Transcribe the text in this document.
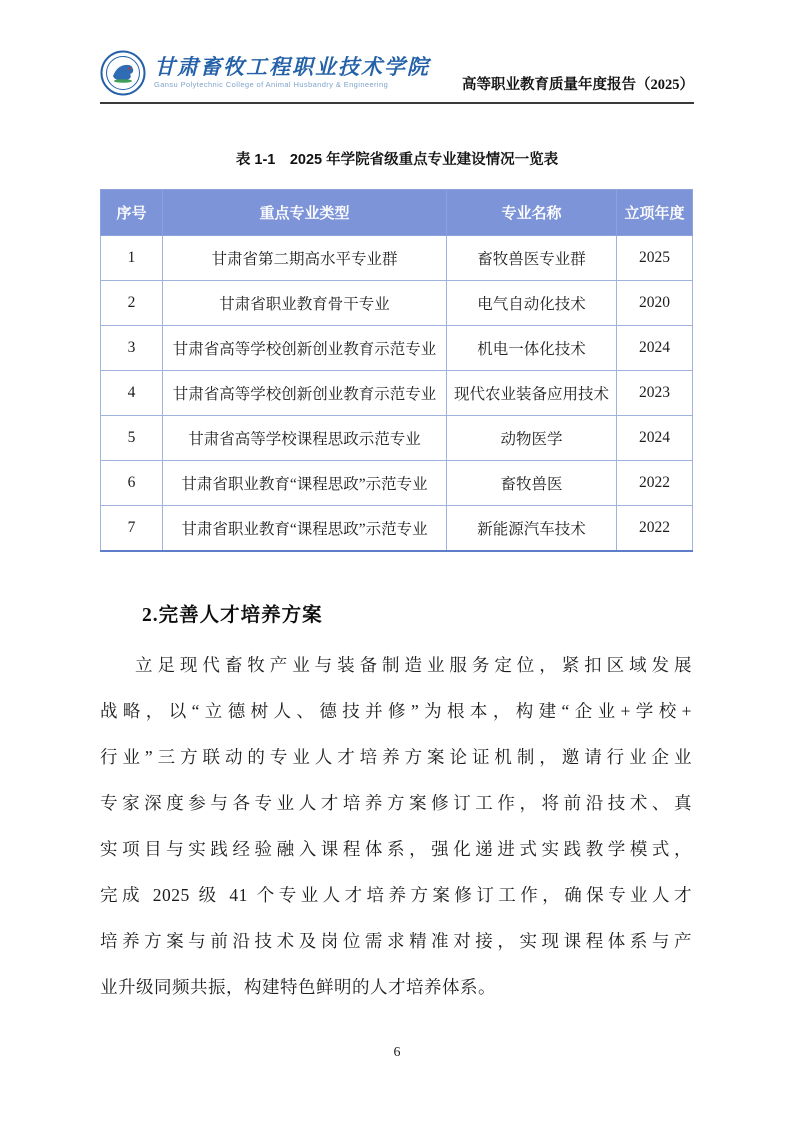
甘肃畜牧工程职业技术学院
Gansu Polytechnic College of Animal Husbandry & Engineering	高等职业教育质量年度报告（2025）
表 1-1　2025 年学院省级重点专业建设情况一览表
序号	重点专业类型	专业名称	立项年度
1	甘肃省第二期高水平专业群	畜牧兽医专业群	2025
2	甘肃省职业教育骨干专业	电气自动化技术	2020
3	甘肃省高等学校创新创业教育示范专业	机电一体化技术	2024
4	甘肃省高等学校创新创业教育示范专业	现代农业装备应用技术	2023
5	甘肃省高等学校课程思政示范专业	动物医学	2024
6	甘肃省职业教育“课程思政”示范专业	畜牧兽医	2022
7	甘肃省职业教育“课程思政”示范专业	新能源汽车技术	2022
2.完善人才培养方案
立足现代畜牧产业与装备制造业服务定位，紧扣区域发展
战略，以“立德树人、德技并修”为根本，构建“企业+学校+
行业”三方联动的专业人才培养方案论证机制，邀请行业企业
专家深度参与各专业人才培养方案修订工作，将前沿技术、真
实项目与实践经验融入课程体系，强化递进式实践教学模式，
完成 2025 级 41 个专业人才培养方案修订工作，确保专业人才
培养方案与前沿技术及岗位需求精准对接，实现课程体系与产
业升级同频共振，构建特色鲜明的人才培养体系。
6
